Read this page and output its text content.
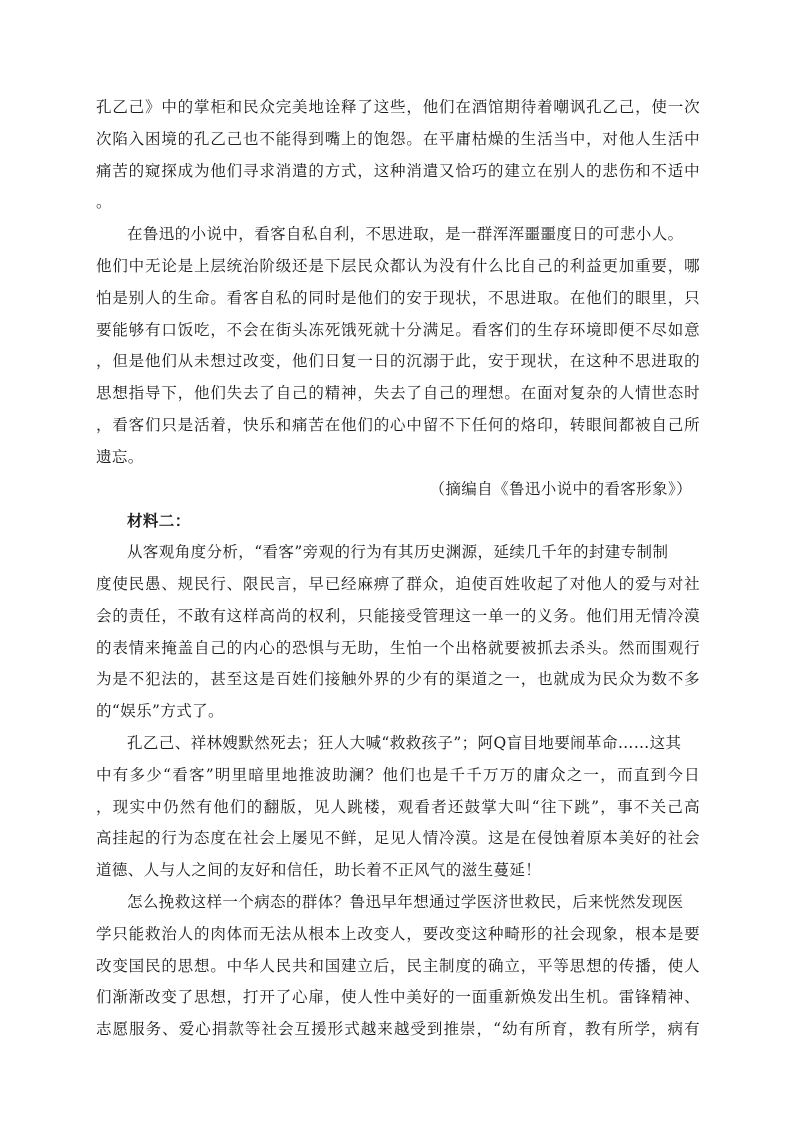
孔乙己》中的掌柜和民众完美地诠释了这些，他们在酒馆期待着嘲讽孔乙己，使一次
次陷入困境的孔乙己也不能得到嘴上的饱怨。在平庸枯燥的生活当中，对他人生活中
痛苦的窥探成为他们寻求消遣的方式，这种消遣又恰巧的建立在别人的悲伤和不适中
。
在鲁迅的小说中，看客自私自利，不思进取，是一群浑浑噩噩度日的可悲小人。
他们中无论是上层统治阶级还是下层民众都认为没有什么比自己的利益更加重要，哪
怕是别人的生命。看客自私的同时是他们的安于现状，不思进取。在他们的眼里，只
要能够有口饭吃，不会在街头冻死饿死就十分满足。看客们的生存环境即便不尽如意
，但是他们从未想过改变，他们日复一日的沉溺于此，安于现状，在这种不思进取的
思想指导下，他们失去了自己的精神，失去了自己的理想。在面对复杂的人情世态时
，看客们只是活着，快乐和痛苦在他们的心中留不下任何的烙印，转眼间都被自己所
遗忘。
（摘编自《鲁迅小说中的看客形象》）
材料二：
从客观角度分析，“看客”旁观的行为有其历史渊源，延续几千年的封建专制制
度使民愚、规民行、限民言，早已经麻痹了群众，迫使百姓收起了对他人的爱与对社
会的责任，不敢有这样高尚的权利，只能接受管理这一单一的义务。他们用无情冷漠
的表情来掩盖自己的内心的恐惧与无助，生怕一个出格就要被抓去杀头。然而围观行
为是不犯法的，甚至这是百姓们接触外界的少有的渠道之一，也就成为民众为数不多
的“娱乐”方式了。
孔乙己、祥林嫂默然死去；狂人大喊“救救孩子”；阿Q盲目地要闹革命……这其
中有多少“看客”明里暗里地推波助澜？他们也是千千万万的庸众之一，而直到今日
，现实中仍然有他们的翻版，见人跳楼，观看者还鼓掌大叫“往下跳”，事不关己高
高挂起的行为态度在社会上屡见不鲜，足见人情冷漠。这是在侵蚀着原本美好的社会
道德、人与人之间的友好和信任，助长着不正风气的滋生蔓延！
怎么挽救这样一个病态的群体？鲁迅早年想通过学医济世救民，后来恍然发现医
学只能救治人的肉体而无法从根本上改变人，要改变这种畸形的社会现象，根本是要
改变国民的思想。中华人民共和国建立后，民主制度的确立，平等思想的传播，使人
们渐渐改变了思想，打开了心扉，使人性中美好的一面重新焕发出生机。雷锋精神、
志愿服务、爱心捐款等社会互援形式越来越受到推崇，“幼有所育，教有所学，病有
